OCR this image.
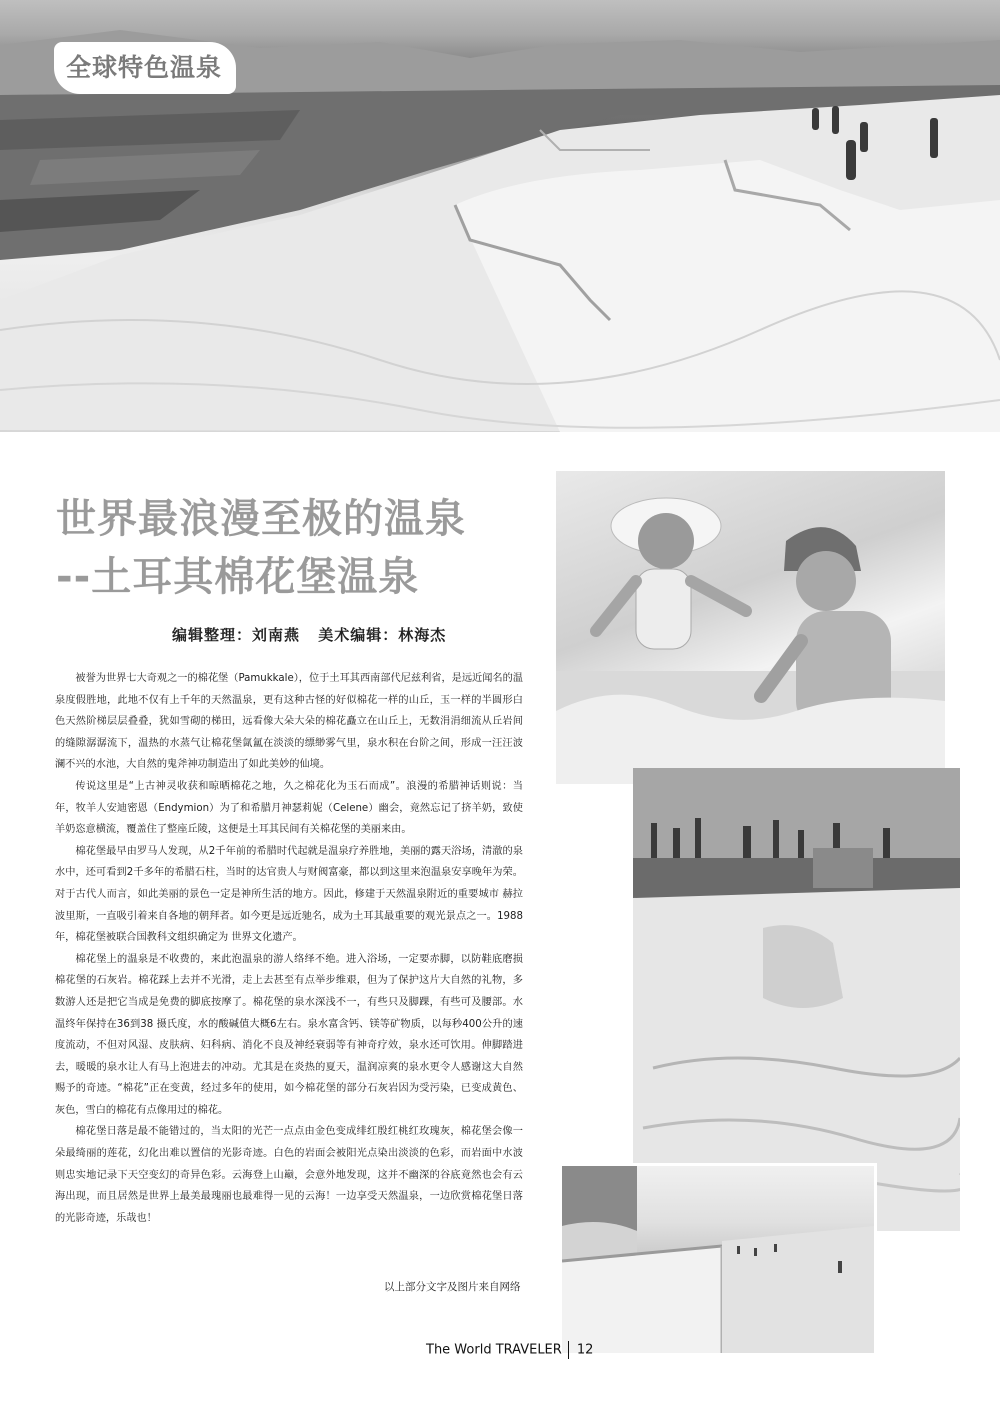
全球特色温泉
世界最浪漫至极的温泉
--土耳其棉花堡温泉
编辑整理：刘南燕 美术编辑：林海杰

被誉为世界七大奇观之一的棉花堡（Pamukkale），位于土耳其西南部代尼兹利省，是远近闻名的温泉度假胜地，此地不仅有上千年的天然温泉，更有这种古怪的好似棉花一样的山丘，玉一样的半圆形白色天然阶梯层层叠叠，犹如雪砌的梯田，远看像大朵大朵的棉花矗立在山丘上，无数涓涓细流从丘岩间的缝隙潺潺流下，温热的水蒸气让棉花堡氤氲在淡淡的缥缈雾气里，泉水积在台阶之间，形成一汪汪波澜不兴的水池，大自然的鬼斧神功制造出了如此美妙的仙境。

传说这里是“上古神灵收获和晾晒棉花之地，久之棉花化为玉石而成”。浪漫的希腊神话则说：当年，牧羊人安迪密恩（Endymion）为了和希腊月神瑟莉妮（Celene）幽会，竟然忘记了挤羊奶，致使羊奶恣意横流，覆盖住了整座丘陵，这便是土耳其民间有关棉花堡的美丽来由。

棉花堡最早由罗马人发现，从2千年前的希腊时代起就是温泉疗养胜地，美丽的露天浴场，清澈的泉水中，还可看到2千多年的希腊石柱，当时的达官贵人与财阀富豪，都以到这里来泡温泉安享晚年为荣。对于古代人而言，如此美丽的景色一定是神所生活的地方。因此，修建于天然温泉附近的重要城市 赫拉波里斯，一直吸引着来自各地的朝拜者。如今更是远近驰名，成为土耳其最重要的观光景点之一。1988年，棉花堡被联合国教科文组织确定为 世界文化遗产。

棉花堡上的温泉是不收费的，来此泡温泉的游人络绎不绝。进入浴场，一定要赤脚，以防鞋底磨损棉花堡的石灰岩。棉花踩上去并不光滑，走上去甚至有点举步维艰，但为了保护这片大自然的礼物，多数游人还是把它当成是免费的脚底按摩了。棉花堡的泉水深浅不一，有些只及脚踝，有些可及腰部。水温终年保持在36到38 摄氏度，水的酸碱值大概6左右。泉水富含钙、镁等矿物质，以每秒400公升的速度流动，不但对风湿、皮肤病、妇科病、消化不良及神经衰弱等有神奇疗效，泉水还可饮用。伸脚踏进去，暖暖的泉水让人有马上泡进去的冲动。尤其是在炎热的夏天，温润凉爽的泉水更令人感谢这大自然赐予的奇迹。“棉花”正在变黄，经过多年的使用，如今棉花堡的部分石灰岩因为受污染，已变成黄色、灰色，雪白的棉花有点像用过的棉花。

棉花堡日落是最不能错过的，当太阳的光芒一点点由金色变成绯红殷红桃红玫瑰灰，棉花堡会像一朵最绮丽的莲花，幻化出难以置信的光影奇迹。白色的岩面会被阳光点染出淡淡的色彩，而岩面中水波则忠实地记录下天空变幻的奇异色彩。云海登上山巅，会意外地发现，这并不幽深的谷底竟然也会有云海出现，而且居然是世界上最美最瑰丽也最难得一见的云海！一边享受天然温泉，一边欣赏棉花堡日落的光影奇迹，乐哉也！

以上部分文字及图片来自网络
The World TRAVELER 12
